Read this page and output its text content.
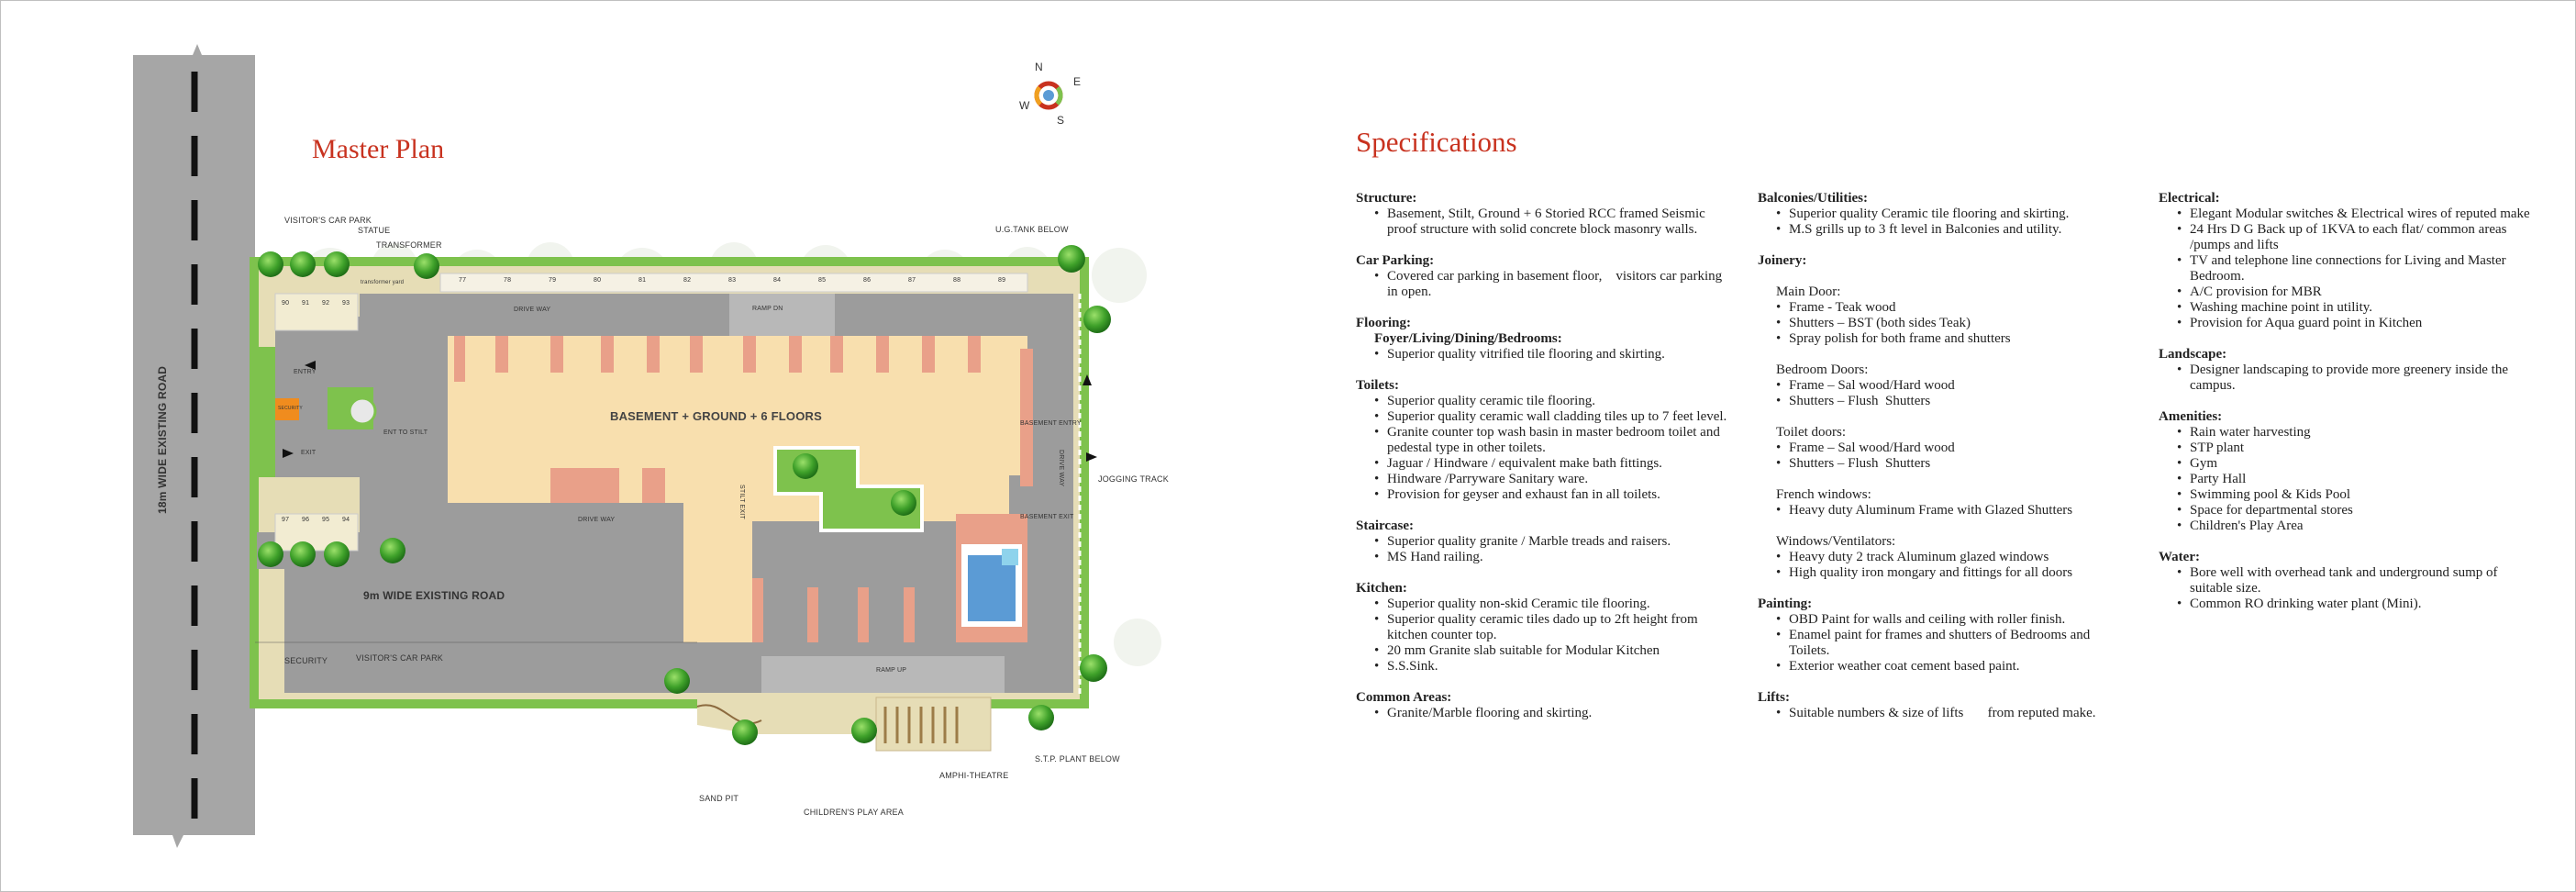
Master Plan
N
E
S
W
18m WIDE EXISTING ROAD
9m WIDE EXISTING ROAD
VISITOR'S CAR PARK
STATUE
TRANSFORMER
transformer yard
U.G.TANK BELOW
DRIVE WAY	RAMP DN
ENTRY
EXIT
SECURITY
ENT TO STILT
BASEMENT + GROUND + 6 FLOORS
BASEMENT ENTRY
BASEMENT EXIT
DRIVE WAY
STILT EXIT
JOGGING TRACK
DRIVE WAY
RAMP UP
SECURITY	VISITOR'S CAR PARK
SAND PIT
CHILDREN'S PLAY AREA
AMPHI-THEATRE
S.T.P. PLANT BELOW
77	78	79	80	81	82	83	84	85	86	87	88	89
90 91 92 93
97 96 95 94
Specifications
Structure:
• Basement, Stilt, Ground + 6 Storied RCC framed Seismic proof structure with solid concrete block masonry walls.
Car Parking:
• Covered car parking in basement floor,    visitors car parking in open.
Flooring:
Foyer/Living/Dining/Bedrooms:
• Superior quality vitrified tile flooring and skirting.
Toilets:
• Superior quality ceramic tile flooring.
• Superior quality ceramic wall cladding tiles up to 7 feet level.
• Granite counter top wash basin in master bedroom toilet and pedestal type in other toilets.
• Jaguar / Hindware / equivalent make bath fittings.
• Hindware /Parryware Sanitary ware.
• Provision for geyser and exhaust fan in all toilets.
Staircase:
• Superior quality granite / Marble treads and raisers.
• MS Hand railing.
Kitchen:
• Superior quality non-skid Ceramic tile flooring.
• Superior quality ceramic tiles dado up to 2ft height from kitchen counter top.
• 20 mm Granite slab suitable for Modular Kitchen
• S.S.Sink.
Common Areas:
• Granite/Marble flooring and skirting.
Balconies/Utilities:
• Superior quality Ceramic tile flooring and skirting.
• M.S grills up to 3 ft level in Balconies and utility.
Joinery:
Main Door:
• Frame - Teak wood
• Shutters – BST (both sides Teak)
• Spray polish for both frame and shutters
Bedroom Doors:
• Frame – Sal wood/Hard wood
• Shutters – Flush  Shutters
Toilet doors:
• Frame – Sal wood/Hard wood
• Shutters – Flush  Shutters
French windows:
• Heavy duty Aluminum Frame with Glazed Shutters
Windows/Ventilators:
• Heavy duty 2 track Aluminum glazed windows
• High quality iron mongary and fittings for all doors
Painting:
• OBD Paint for walls and ceiling with roller finish.
• Enamel paint for frames and shutters of Bedrooms and Toilets.
• Exterior weather coat cement based paint.
Lifts:
• Suitable numbers & size of lifts       from reputed make.
Electrical:
• Elegant Modular switches & Electrical wires of reputed make
• 24 Hrs D G Back up of 1KVA to each flat/ common areas /pumps and lifts
• TV and telephone line connections for Living and Master Bedroom.
• A/C provision for MBR
• Washing machine point in utility.
• Provision for Aqua guard point in Kitchen
Landscape:
• Designer landscaping to provide more greenery inside the campus.
Amenities:
• Rain water harvesting
• STP plant
• Gym
• Party Hall
• Swimming pool & Kids Pool
• Space for departmental stores
• Children's Play Area
Water:
• Bore well with overhead tank and underground sump of suitable size.
• Common RO drinking water plant (Mini).
